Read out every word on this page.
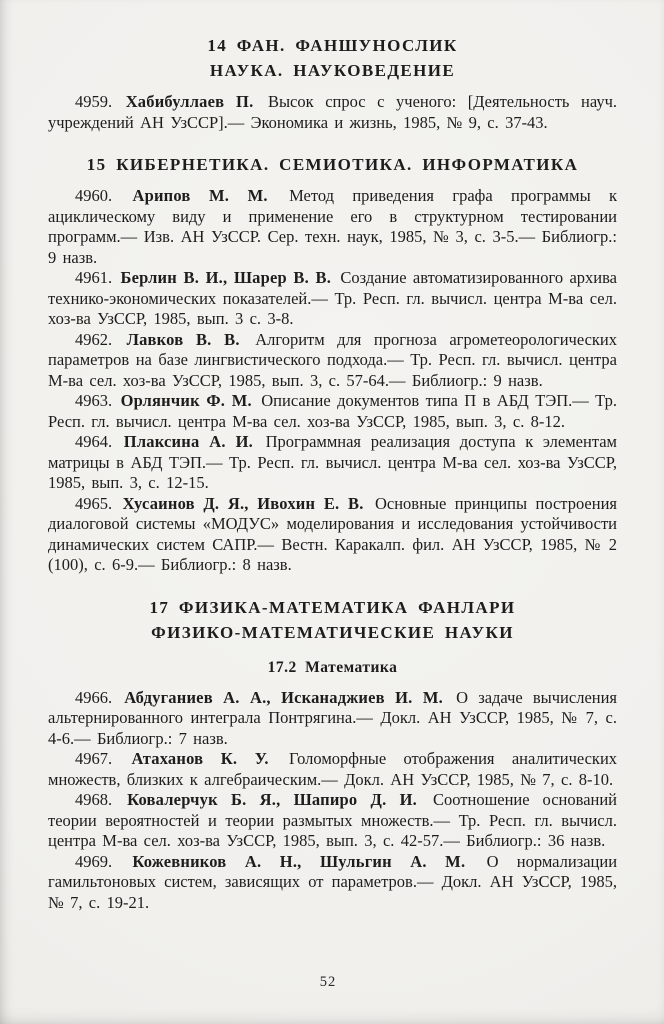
14 ФАН. ФАНШУНОСЛИК
НАУКА. НАУКОВЕДЕНИЕ

4959. Хабибуллаев П. Высок спрос с ученого: [Деятельность науч. учреждений АН УзССР].— Экономика и жизнь, 1985, № 9, с. 37-43.

15 КИБЕРНЕТИКА. СЕМИОТИКА. ИНФОРМАТИКА

4960. Арипов М. М. Метод приведения графа программы к ациклическому виду и применение его в структурном тестировании программ.— Изв. АН УзССР. Сер. техн. наук, 1985, № 3, с. 3-5.— Библиогр.: 9 назв.

4961. Берлин В. И., Шарер В. В. Создание автоматизированного архива технико-экономических показателей.— Тр. Респ. гл. вычисл. центра М-ва сел. хоз-ва УзССР, 1985, вып. 3 с. 3-8.

4962. Лавков В. В. Алгоритм для прогноза агрометеорологических параметров на базе лингвистического подхода.— Тр. Респ. гл. вычисл. центра М-ва сел. хоз-ва УзССР, 1985, вып. 3, с. 57-64.— Библиогр.: 9 назв.

4963. Орлянчик Ф. М. Описание документов типа П в АБД ТЭП.— Тр. Респ. гл. вычисл. центра М-ва сел. хоз-ва УзССР, 1985, вып. 3, с. 8-12.

4964. Плаксина А. И. Программная реализация доступа к элементам матрицы в АБД ТЭП.— Тр. Респ. гл. вычисл. центра М-ва сел. хоз-ва УзССР, 1985, вып. 3, с. 12-15.

4965. Хусаинов Д. Я., Ивохин Е. В. Основные принципы построения диалоговой системы «МОДУС» моделирования и исследования устойчивости динамических систем САПР.— Вестн. Каракалп. фил. АН УзССР, 1985, № 2 (100), с. 6-9.— Библиогр.: 8 назв.

17 ФИЗИКА-МАТЕМАТИКА ФАНЛАРИ
ФИЗИКО-МАТЕМАТИЧЕСКИЕ НАУКИ
17.2 Математика

4966. Абдуганиев А. А., Исканаджиев И. М. О задаче вычисления альтернированного интеграла Понтрягина.— Докл. АН УзССР, 1985, № 7, с. 4-6.— Библиогр.: 7 назв.

4967. Атаханов К. У. Голоморфные отображения аналитических множеств, близких к алгебраическим.— Докл. АН УзССР, 1985, № 7, с. 8-10.

4968. Ковалерчук Б. Я., Шапиро Д. И. Соотношение оснований теории вероятностей и теории размытых множеств.— Тр. Респ. гл. вычисл. центра М-ва сел. хоз-ва УзССР, 1985, вып. 3, с. 42-57.— Библиогр.: 36 назв.

4969. Кожевников А. Н., Шульгин А. М. О нормализации гамильтоновых систем, зависящих от параметров.— Докл. АН УзССР, 1985, № 7, с. 19-21.

52
